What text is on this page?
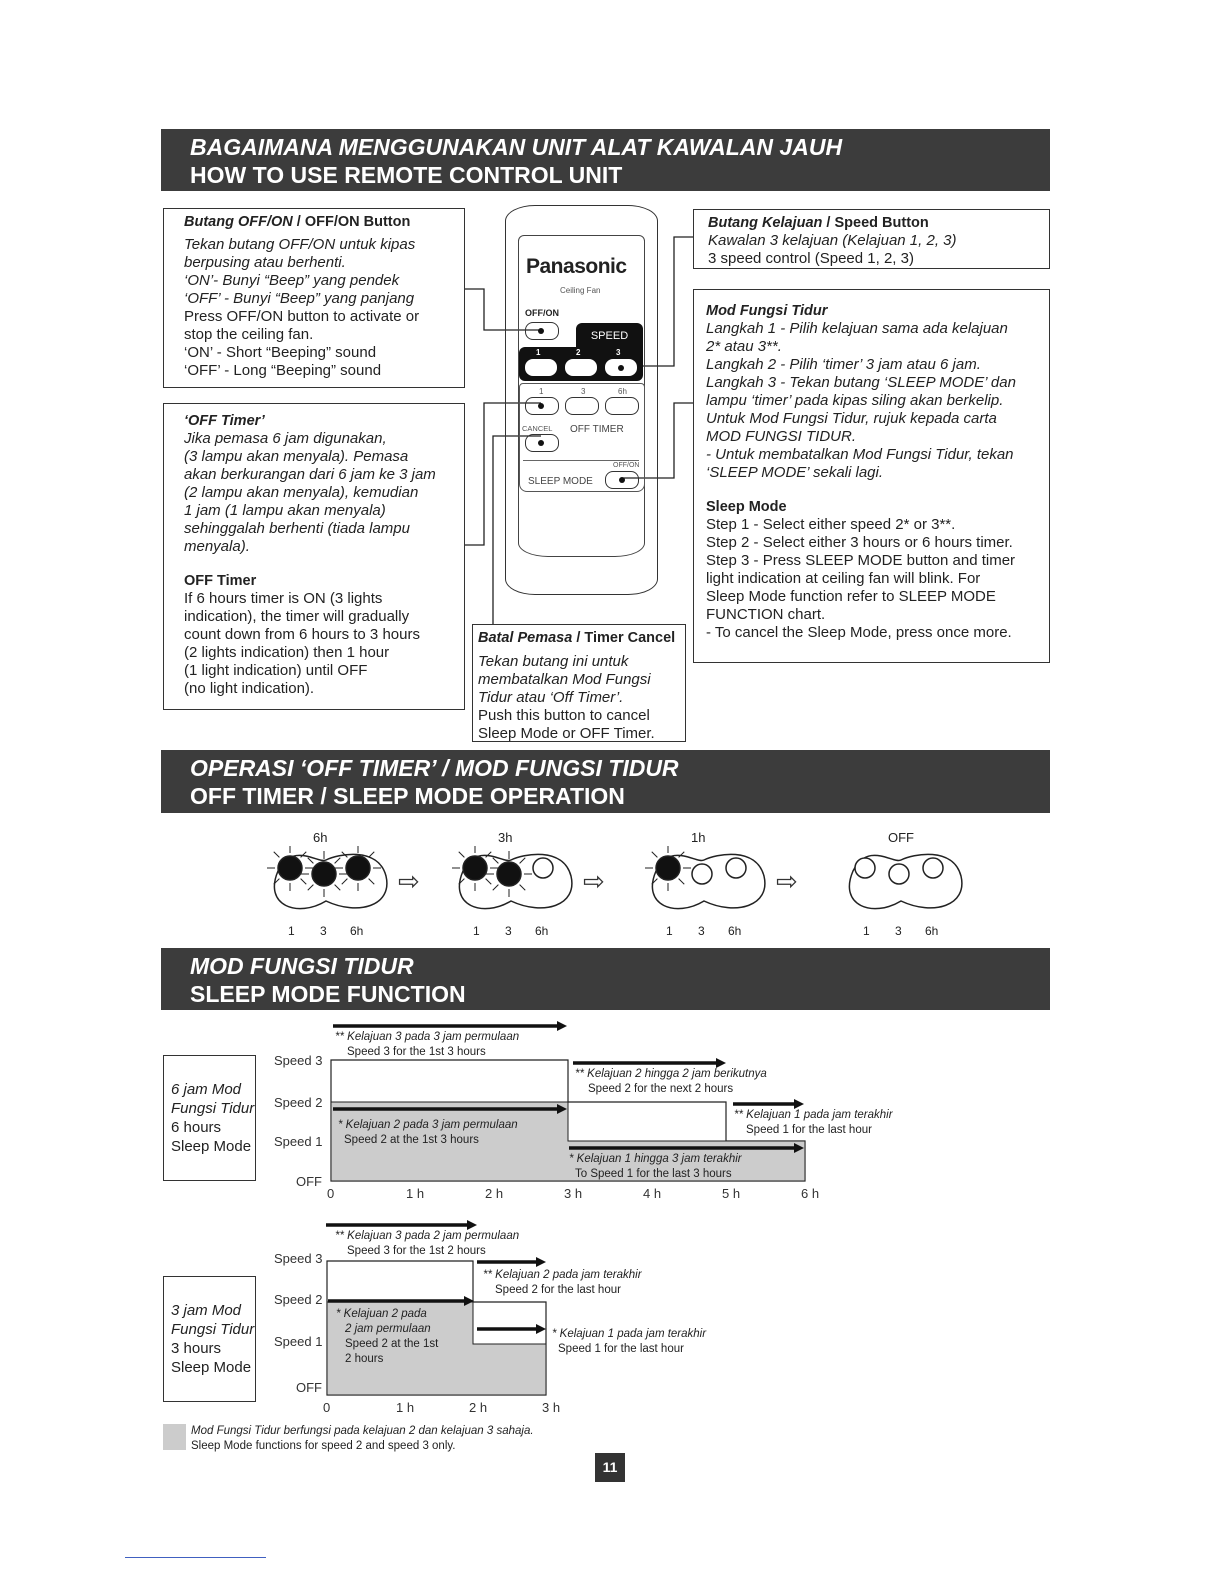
BAGAIMANA MENGGUNAKAN UNIT ALAT KAWALAN JAUH
HOW TO USE REMOTE CONTROL UNIT
Butang OFF/ON / OFF/ON Button
Tekan butang OFF/ON untuk kipas
berpusing atau berhenti.
‘ON’- Bunyi “Beep” yang pendek
‘OFF’ - Bunyi “Beep” yang panjang
Press OFF/ON button to activate or
stop the ceiling fan.
‘ON’ - Short “Beeping” sound
‘OFF’ - Long “Beeping” sound
‘OFF Timer’
Jika pemasa 6 jam digunakan,
(3 lampu akan menyala). Pemasa
akan berkurangan dari 6 jam ke 3 jam
(2 lampu akan menyala), kemudian
1 jam (1 lampu akan menyala)
sehinggalah berhenti (tiada lampu
menyala).
OFF Timer
If 6 hours timer is ON (3 lights
indication), the timer will gradually
count down from 6 hours to 3 hours
(2 lights indication) then 1 hour
(1 light indication) until OFF
(no light indication).
Panasonic
Ceiling Fan
OFF/ON
SPEED
1	2	3
1	3	6h
CANCEL OFF TIMER
OFF/ON
SLEEP MODE
Butang Kelajuan / Speed Button
Kawalan 3 kelajuan (Kelajuan 1, 2, 3)
3 speed control (Speed 1, 2, 3)
Mod Fungsi Tidur
Langkah 1 - Pilih kelajuan sama ada kelajuan
2* atau 3**.
Langkah 2 - Pilih ‘timer’ 3 jam atau 6 jam.
Langkah 3 - Tekan butang ‘SLEEP MODE’ dan
lampu ‘timer’ pada kipas siling akan berkelip.
Untuk Mod Fungsi Tidur, rujuk kepada carta
MOD FUNGSI TIDUR.
- Untuk membatalkan Mod Fungsi Tidur, tekan
‘SLEEP MODE’ sekali lagi.
Sleep Mode
Step 1 - Select either speed 2* or 3**.
Step 2 - Select either 3 hours or 6 hours timer.
Step 3 - Press SLEEP MODE button and timer
light indication at ceiling fan will blink. For
Sleep Mode function refer to SLEEP MODE
FUNCTION chart.
- To cancel the Sleep Mode, press once more.
Batal Pemasa / Timer Cancel
Tekan butang ini untuk
membatalkan Mod Fungsi
Tidur atau ‘Off Timer’.
Push this button to cancel
Sleep Mode or OFF Timer.
OPERASI ‘OFF TIMER’ / MOD FUNGSI TIDUR
OFF TIMER / SLEEP MODE OPERATION
6h
1 3 6h
⇨
3h
1 3 6h
⇨
1h
1 3 6h
⇨
OFF
1 3 6h
MOD FUNGSI TIDUR
SLEEP MODE FUNCTION
6 jam Mod
Fungsi Tidur
6 hours
Sleep Mode
Speed 3
Speed 2
Speed 1
OFF
0	1 h	2 h	3 h	4 h	5 h	6 h
** Kelajuan 3 pada 3 jam permulaan
Speed 3 for the 1st 3 hours
** Kelajuan 2 hingga 2 jam berikutnya
Speed 2 for the next 2 hours
** Kelajuan 1 pada jam terakhir
Speed 1 for the last hour
* Kelajuan 2 pada 3 jam permulaan
Speed 2 at the 1st 3 hours
* Kelajuan 1 hingga 3 jam terakhir
To Speed 1 for the last 3 hours
3 jam Mod
Fungsi Tidur
3 hours
Sleep Mode
Speed 3
Speed 2
Speed 1
OFF
0	1 h	2 h	3 h
** Kelajuan 3 pada 2 jam permulaan
Speed 3 for the 1st 2 hours
** Kelajuan 2 pada jam terakhir
Speed 2 for the last hour
* Kelajuan 2 pada
2 jam permulaan
Speed 2 at the 1st
2 hours
* Kelajuan 1 pada jam terakhir
Speed 1 for the last hour
Mod Fungsi Tidur berfungsi pada kelajuan 2 dan kelajuan 3 sahaja.
Sleep Mode functions for speed 2 and speed 3 only.
11
